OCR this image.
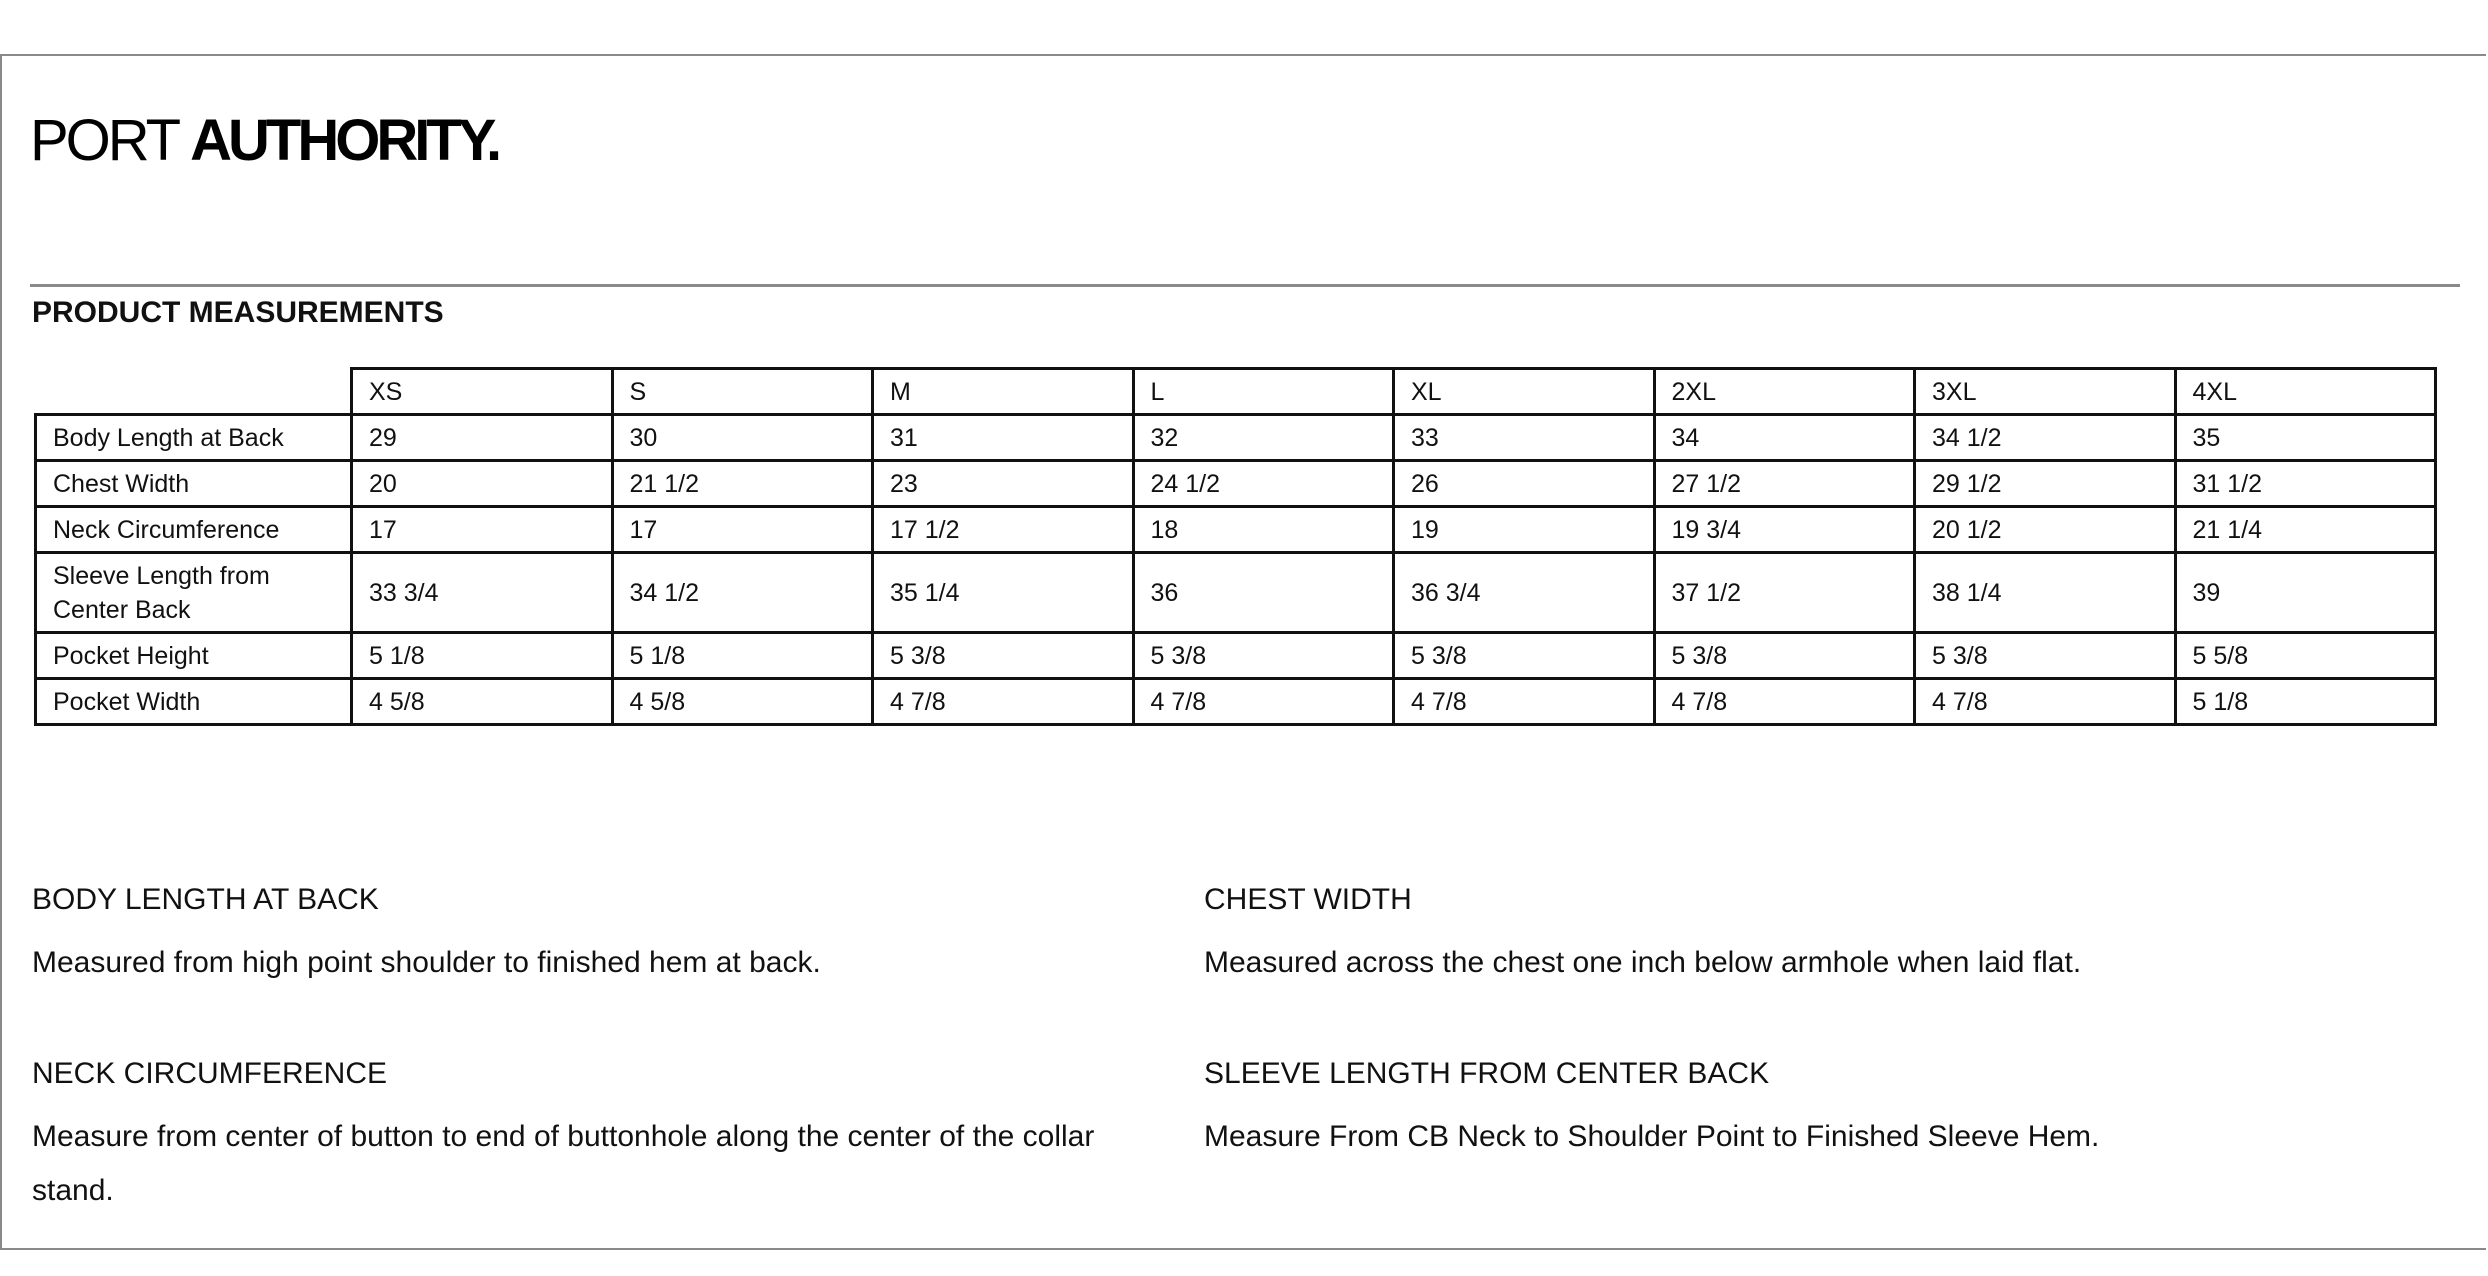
PORT AUTHORITY.
PRODUCT MEASUREMENTS
	XS	S	M	L	XL	2XL	3XL	4XL
Body Length at Back	29	30	31	32	33	34	34 1/2	35
Chest Width	20	21 1/2	23	24 1/2	26	27 1/2	29 1/2	31 1/2
Neck Circumference	17	17	17 1/2	18	19	19 3/4	20 1/2	21 1/4
Sleeve Length from
Center Back	33 3/4	34 1/2	35 1/4	36	36 3/4	37 1/2	38 1/4	39
Pocket Height	5 1/8	5 1/8	5 3/8	5 3/8	5 3/8	5 3/8	5 3/8	5 5/8
Pocket Width	4 5/8	4 5/8	4 7/8	4 7/8	4 7/8	4 7/8	4 7/8	5 1/8
BODY LENGTH AT BACK
Measured from high point shoulder to finished hem at back.
CHEST WIDTH
Measured across the chest one inch below armhole when laid flat.
NECK CIRCUMFERENCE
Measure from center of button to end of buttonhole along the center of the collar stand.
SLEEVE LENGTH FROM CENTER BACK
Measure From CB Neck to Shoulder Point to Finished Sleeve Hem.
